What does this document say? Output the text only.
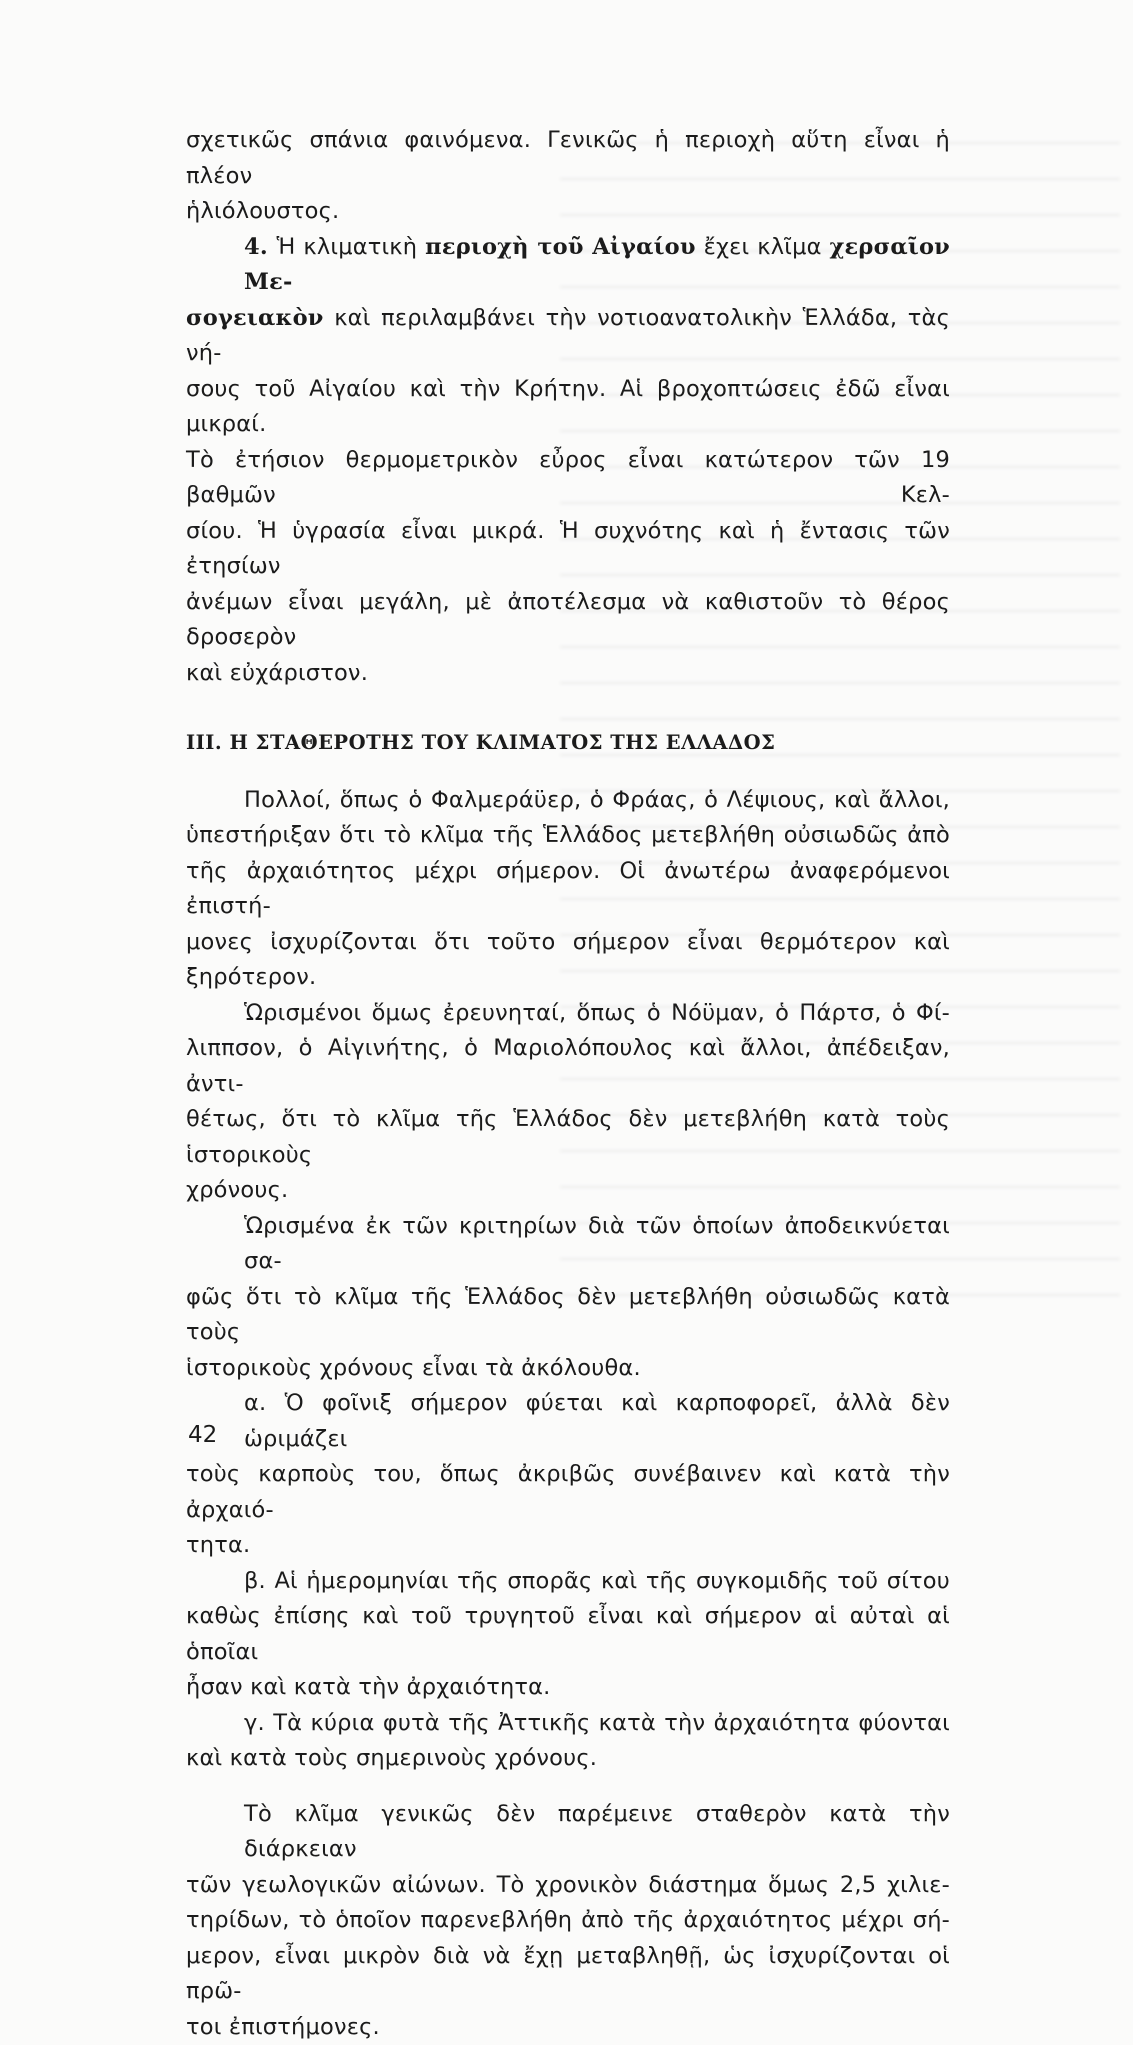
σχετικῶς σπάνια φαινόμενα. Γενικῶς ἡ περιοχὴ αὕτη εἶναι ἡ πλέον
ἡλιόλουστος.
4. Ἡ κλιματικὴ περιοχὴ τοῦ Αἰγαίου ἔχει κλῖμα χερσαῖον Με-
σογειακὸν καὶ περιλαμβάνει τὴν νοτιοανατολικὴν Ἑλλάδα, τὰς νή-
σους τοῦ Αἰγαίου καὶ τὴν Κρήτην. Αἱ βροχοπτώσεις ἐδῶ εἶναι μικραί.
Τὸ ἐτήσιον θερμομετρικὸν εὖρος εἶναι κατώτερον τῶν 19 βαθμῶν Κελ-
σίου. Ἡ ὑγρασία εἶναι μικρά. Ἡ συχνότης καὶ ἡ ἔντασις τῶν ἐτησίων
ἀνέμων εἶναι μεγάλη, μὲ ἀποτέλεσμα νὰ καθιστοῦν τὸ θέρος δροσερὸν
καὶ εὐχάριστον.

III. Η ΣΤΑΘΕΡΟΤΗΣ ΤΟΥ ΚΛΙΜΑΤΟΣ ΤΗΣ ΕΛΛΑΔΟΣ

Πολλοί, ὅπως ὁ Φαλμεράϋερ, ὁ Φράας, ὁ Λέψιους, καὶ ἄλλοι,
ὑπεστήριξαν ὅτι τὸ κλῖμα τῆς Ἑλλάδος μετεβλήθη οὐσιωδῶς ἀπὸ
τῆς ἀρχαιότητος μέχρι σήμερον. Οἱ ἀνωτέρω ἀναφερόμενοι ἐπιστή-
μονες ἰσχυρίζονται ὅτι τοῦτο σήμερον εἶναι θερμότερον καὶ ξηρότερον.
Ὡρισμένοι ὅμως ἐρευνηταί, ὅπως ὁ Νόϋμαν, ὁ Πάρτσ, ὁ Φί-
λιππσον, ὁ Αἰγινήτης, ὁ Μαριολόπουλος καὶ ἄλλοι, ἀπέδειξαν, ἀντι-
θέτως, ὅτι τὸ κλῖμα τῆς Ἑλλάδος δὲν μετεβλήθη κατὰ τοὺς ἱστορικοὺς
χρόνους.
Ὡρισμένα ἐκ τῶν κριτηρίων διὰ τῶν ὁποίων ἀποδεικνύεται σα-
φῶς ὅτι τὸ κλῖμα τῆς Ἑλλάδος δὲν μετεβλήθη οὐσιωδῶς κατὰ τοὺς
ἱστορικοὺς χρόνους εἶναι τὰ ἀκόλουθα.
α. Ὁ φοῖνιξ σήμερον φύεται καὶ καρποφορεῖ, ἀλλὰ δὲν ὡριμάζει
τοὺς καρποὺς του, ὅπως ἀκριβῶς συνέβαινεν καὶ κατὰ τὴν ἀρχαιό-
τητα.
β. Αἱ ἡμερομηνίαι τῆς σπορᾶς καὶ τῆς συγκομιδῆς τοῦ σίτου
καθὼς ἐπίσης καὶ τοῦ τρυγητοῦ εἶναι καὶ σήμερον αἱ αὐταὶ αἱ ὁποῖαι
ἦσαν καὶ κατὰ τὴν ἀρχαιότητα.
γ. Τὰ κύρια φυτὰ τῆς Ἀττικῆς κατὰ τὴν ἀρχαιότητα φύονται
καὶ κατὰ τοὺς σημερινοὺς χρόνους.
Τὸ κλῖμα γενικῶς δὲν παρέμεινε σταθερὸν κατὰ τὴν διάρκειαν
τῶν γεωλογικῶν αἰώνων. Τὸ χρονικὸν διάστημα ὅμως 2,5 χιλιε-
τηρίδων, τὸ ὁποῖον παρενεβλήθη ἀπὸ τῆς ἀρχαιότητος μέχρι σή-
μερον, εἶναι μικρὸν διὰ νὰ ἔχῃ μεταβληθῇ, ὡς ἰσχυρίζονται οἱ πρῶ-
τοι ἐπιστήμονες.
42
